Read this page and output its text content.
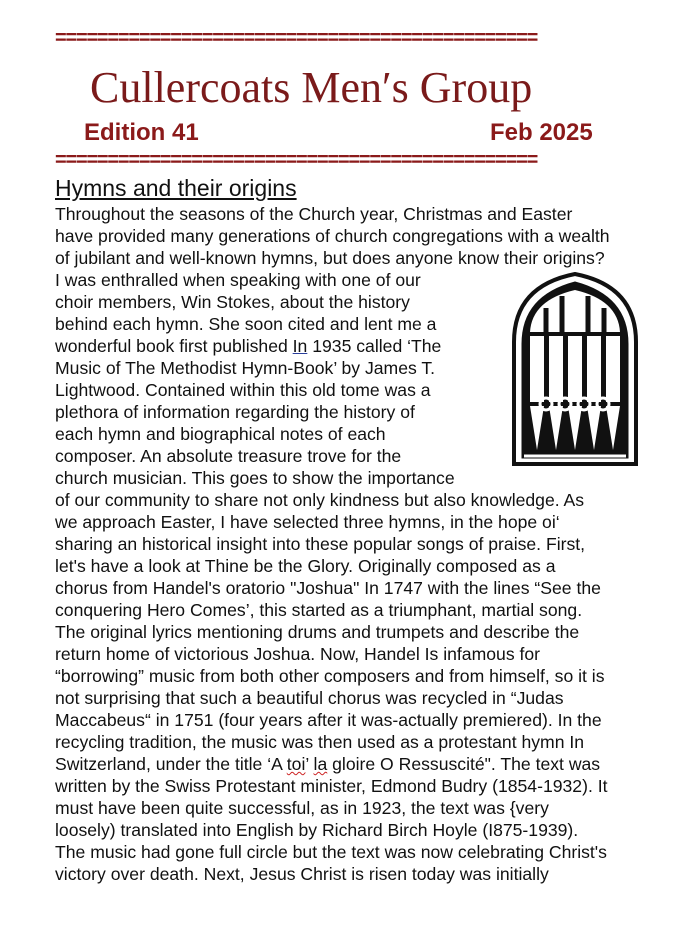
==============================================
Cullercoats Men′s Group
Edition 41	Feb 2025
==============================================
Hymns and their origins
Throughout the seasons of the Church year, Christmas and Easter
have provided many generations of church congregations with a wealth
of jubilant and well-known hymns, but does anyone know their origins?
I was enthralled when speaking with one of our
choir members, Win Stokes, about the history
behind each hymn. She soon cited and lent me a
wonderful book first published In 1935 called ‘The
Music of The Methodist Hymn-Book’ by James T.
Lightwood. Contained within this old tome was a
plethora of information regarding the history of
each hymn and biographical notes of each
composer. An absolute treasure trove for the
church musician. This goes to show the importance
of our community to share not only kindness but also knowledge. As
we approach Easter, I have selected three hymns, in the hope oi‘
sharing an historical insight into these popular songs of praise. First,
let's have a look at Thine be the Glory. Originally composed as a
chorus from Handel's oratorio "Joshua" In 1747 with the lines “See the
conquering Hero Comes’, this started as a triumphant, martial song.
The original lyrics mentioning drums and trumpets and describe the
return home of victorious Joshua. Now, Handel Is infamous for
“borrowing” music from both other composers and from himself, so it is
not surprising that such a beautiful chorus was recycled in “Judas
Maccabeus“ in 1751 (four years after it was-actually premiered). In the
recycling tradition, the music was then used as a protestant hymn In
Switzerland, under the title ‘A toi’ la gloire O Ressuscité". The text was
written by the Swiss Protestant minister, Edmond Budry (1854-1932). It
must have been quite successful, as in 1923, the text was {very
loosely) translated into English by Richard Birch Hoyle (I875-1939).
The music had gone full circle but the text was now celebrating Christ's
victory over death. Next, Jesus Christ is risen today was initially
